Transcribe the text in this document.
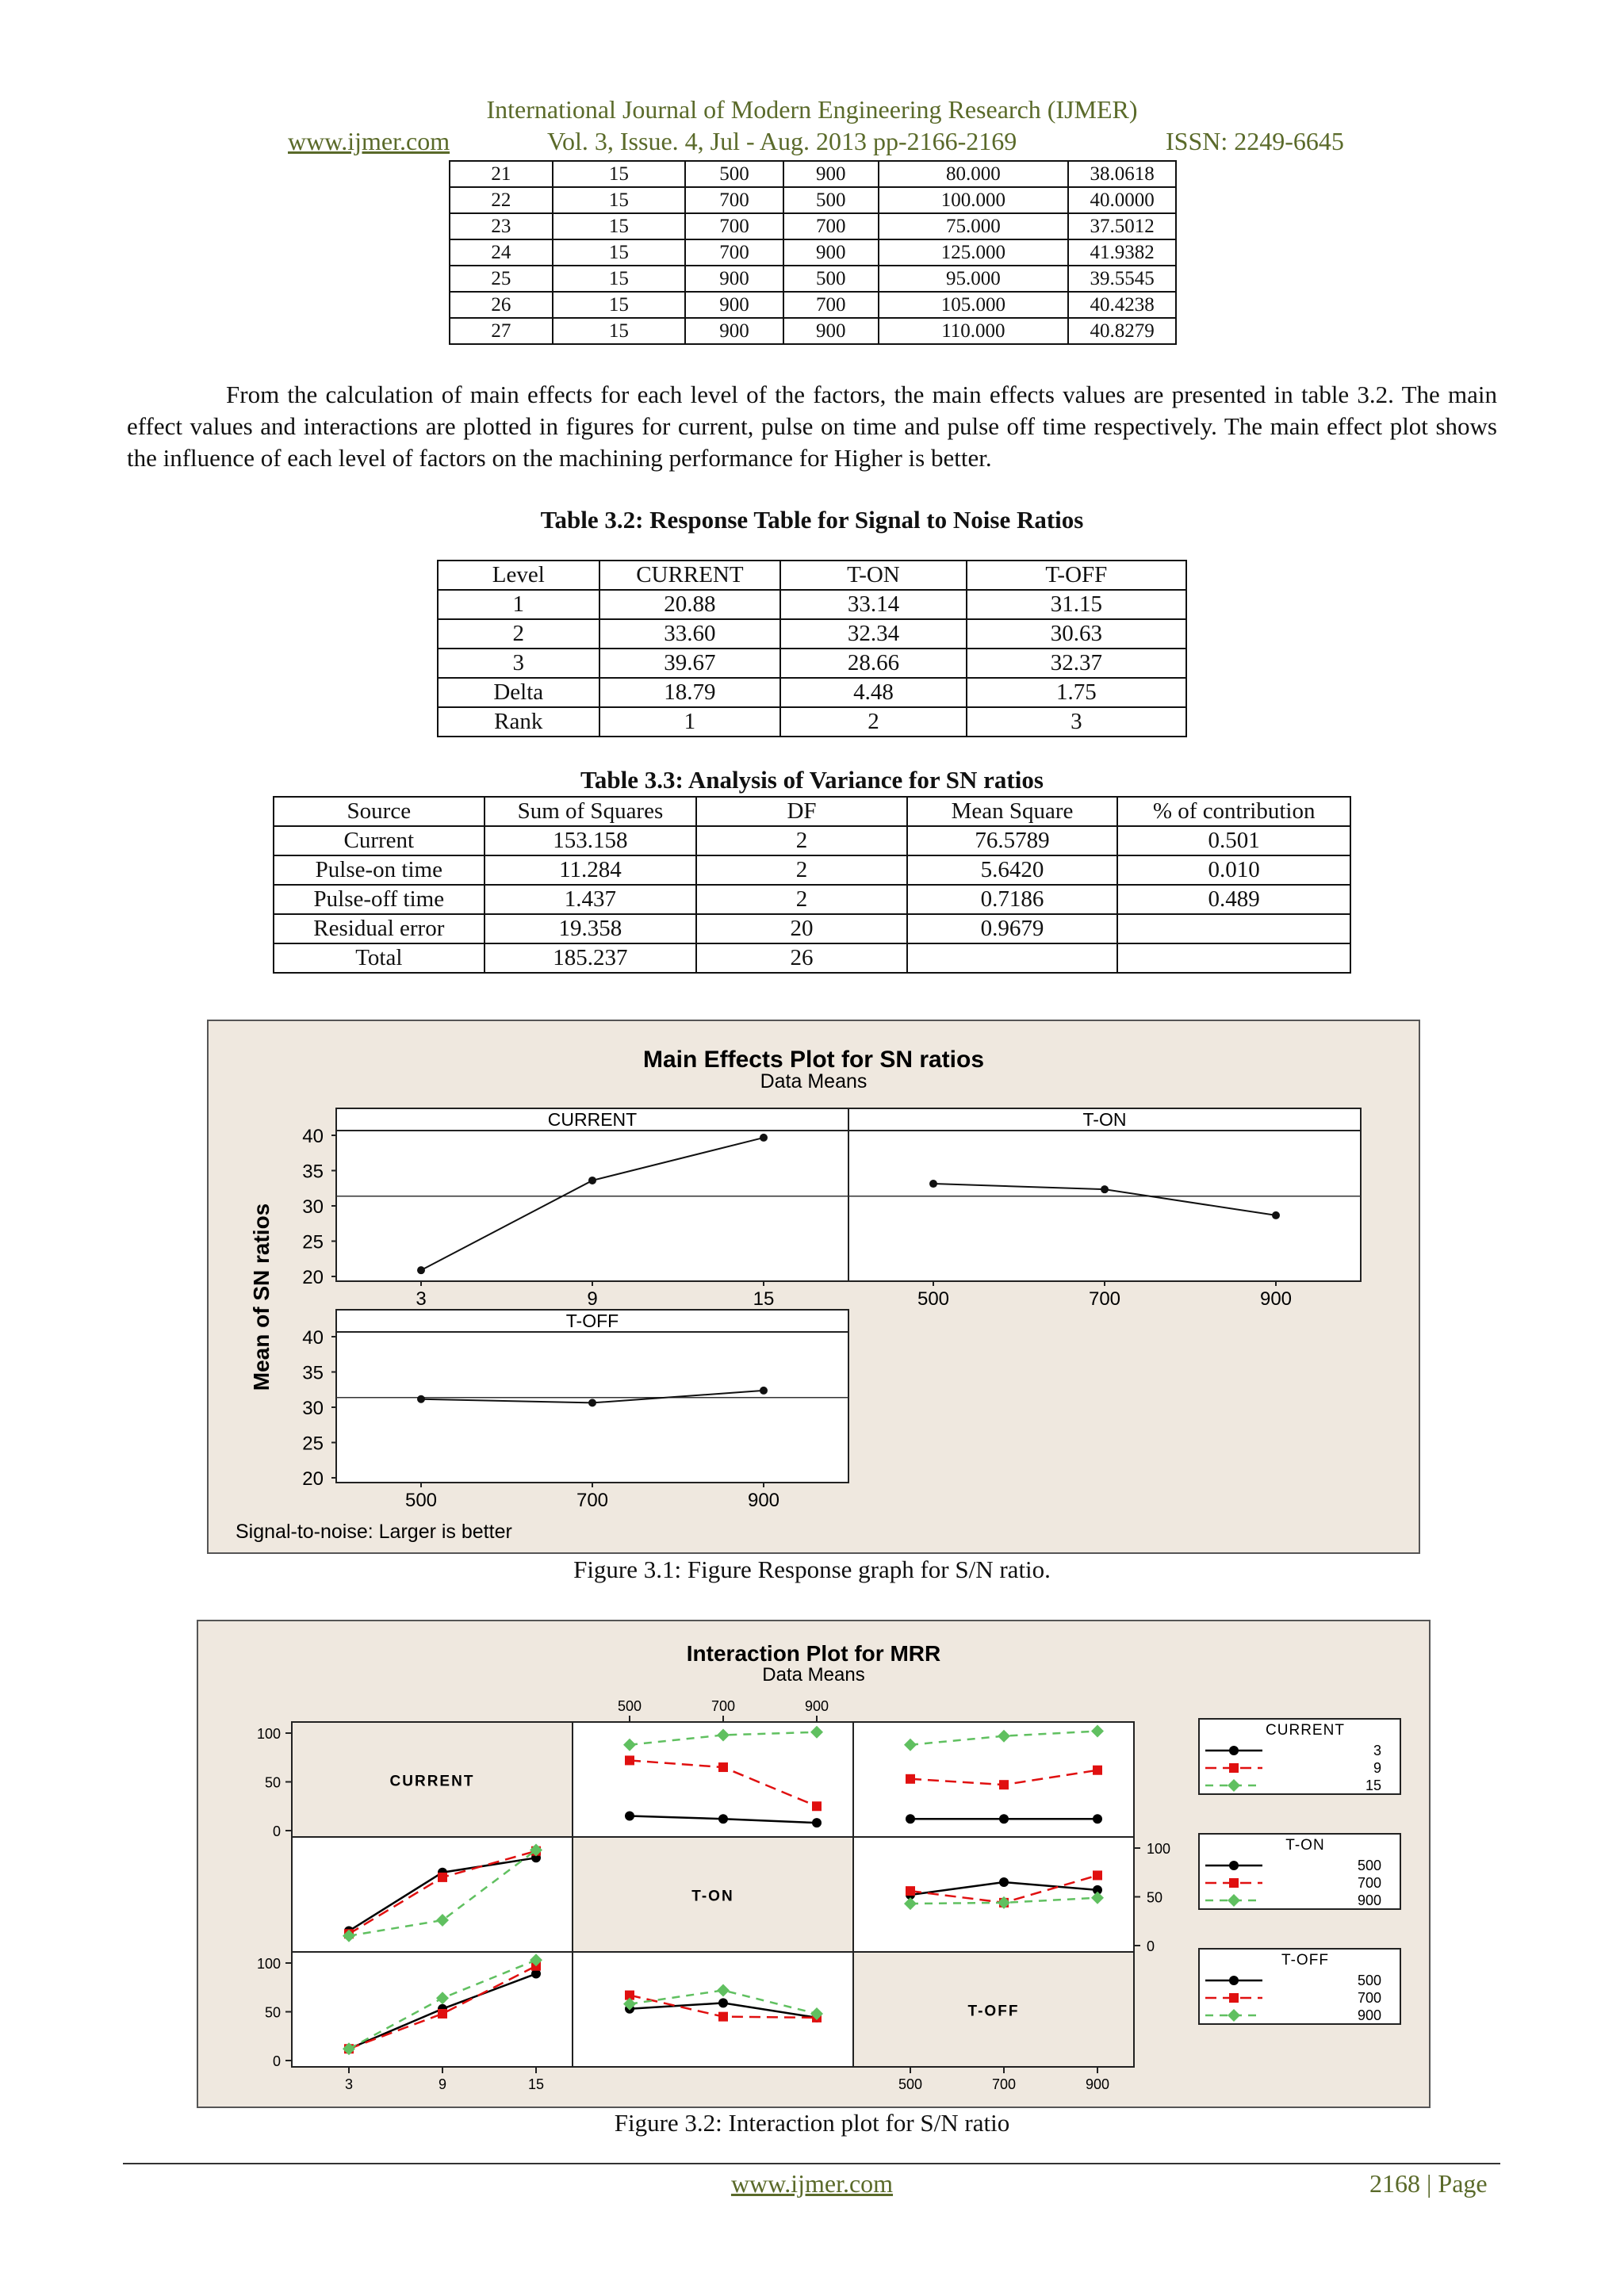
International Journal of Modern Engineering Research (IJMER)
www.ijmer.com	Vol. 3, Issue. 4, Jul - Aug. 2013 pp-2166-2169	ISSN: 2249-6645
21	15	500	900	80.000	38.0618
22	15	700	500	100.000	40.0000
23	15	700	700	75.000	37.5012
24	15	700	900	125.000	41.9382
25	15	900	500	95.000	39.5545
26	15	900	700	105.000	40.4238
27	15	900	900	110.000	40.8279
From the calculation of main effects for each level of the factors, the main effects values are presented in table 3.2. The main effect values and interactions are plotted in figures for current, pulse on time and pulse off time respectively. The main effect plot shows the influence of each level of factors on the machining performance for Higher is better.
Table 3.2: Response Table for Signal to Noise Ratios
Level	CURRENT	T-ON	T-OFF
1	20.88	33.14	31.15
2	33.60	32.34	30.63
3	39.67	28.66	32.37
Delta	18.79	4.48	1.75
Rank	1	2	3
Table 3.3: Analysis of Variance for SN ratios
Source	Sum of Squares	DF	Mean Square	% of contribution
Current	153.158	2	76.5789	0.501
Pulse-on time	11.284	2	5.6420	0.010
Pulse-off time	1.437	2	0.7186	0.489
Residual error	19.358	20	0.9679	
Total	185.237	26		
Main Effects Plot for SN ratios
Data Means
Mean of SN ratios
Signal-to-noise: Larger is better
CURRENT
3	9	15
20
25
30
35
40
T-ON
500	700	900
T-OFF
500	700	900
20
25
30
35
40
Figure 3.1: Figure Response graph for S/N ratio.
Interaction Plot for MRR
Data Means
CURRENT
T-ON
T-OFF
0
50
100
0
50
100
0
50
100
500	700	900
3	9	15	500	700	900
CURRENT
3
9
15
T-ON
500
700
900
T-OFF
500
700
900
Figure 3.2: Interaction plot for S/N ratio
www.ijmer.com	2168 | Page
